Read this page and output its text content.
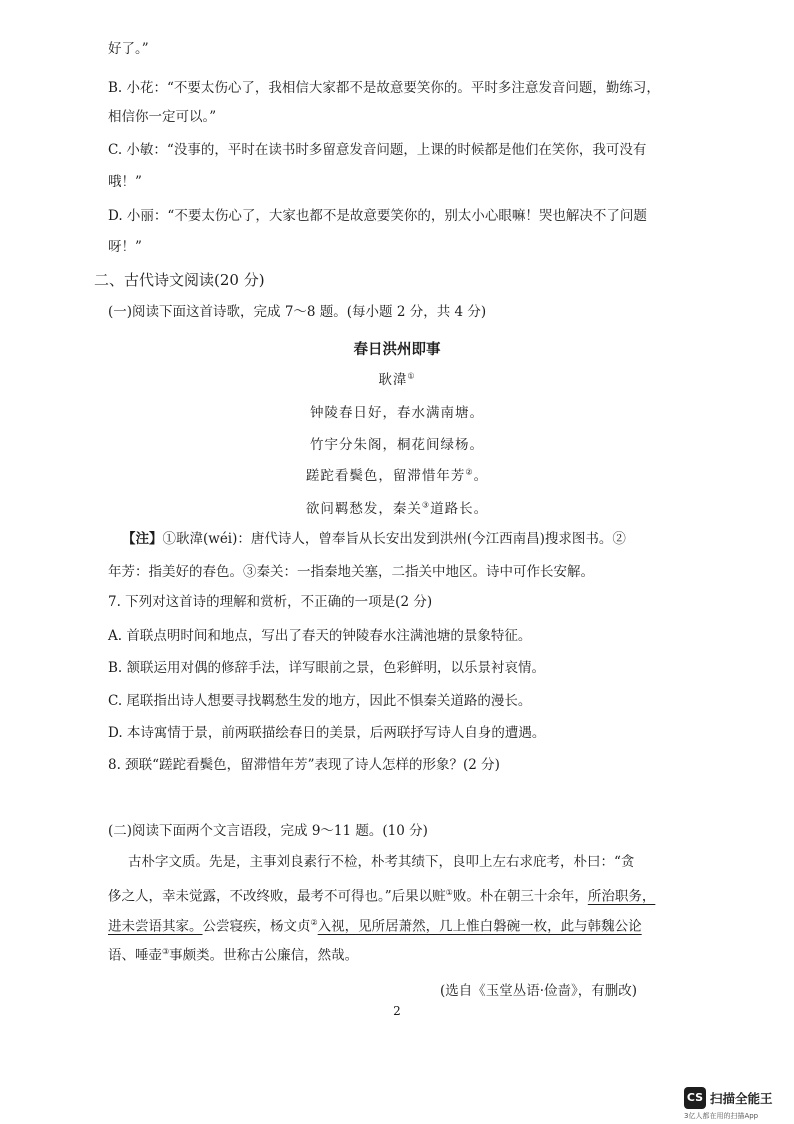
好了。”
B. 小花：“不要太伤心了，我相信大家都不是故意要笑你的。平时多注意发音问题，勤练习，
相信你一定可以。”
C. 小敏：“没事的，平时在读书时多留意发音问题，上课的时候都是他们在笑你，我可没有
哦！”
D. 小丽：“不要太伤心了，大家也都不是故意要笑你的，别太小心眼嘛！哭也解决不了问题
呀！”
二、古代诗文阅读(20 分)
(一)阅读下面这首诗歌，完成 7～8 题。(每小题 2 分，共 4 分)
春日洪州即事
耿湋①
钟陵春日好，春水满南塘。
竹宇分朱阁，桐花间绿杨。
蹉跎看鬓色，留滞惜年芳②。
欲问羁愁发，秦关③道路长。
【注】①耿湋(wéi)：唐代诗人，曾奉旨从长安出发到洪州(今江西南昌)搜求图书。②
年芳：指美好的春色。③秦关：一指秦地关塞，二指关中地区。诗中可作长安解。
7. 下列对这首诗的理解和赏析，不正确的一项是(2 分)
A. 首联点明时间和地点，写出了春天的钟陵春水注满池塘的景象特征。
B. 颔联运用对偶的修辞手法，详写眼前之景，色彩鲜明，以乐景衬哀情。
C. 尾联指出诗人想要寻找羁愁生发的地方，因此不惧秦关道路的漫长。
D. 本诗寓情于景，前两联描绘春日的美景，后两联抒写诗人自身的遭遇。
8. 颈联“蹉跎看鬓色，留滞惜年芳”表现了诗人怎样的形象？(2 分)
(二)阅读下面两个文言语段，完成 9～11 题。(10 分)
古朴字文质。先是，主事刘良素行不检，朴考其绩下，良叩上左右求庇考，朴曰：“贪
侈之人，幸未觉露，不改终败，最考不可得也。”后果以赃①败。朴在朝三十余年，所治职务，
进未尝语其家。公尝寝疾，杨文贞②入视，见所居萧然，几上惟白磐碗一枚，此与韩魏公论
语、唾壶③事颇类。世称古公廉信，然哉。
(选自《玉堂丛语·俭啬》，有删改)
2
CS 扫描全能王
3亿人都在用的扫描App
